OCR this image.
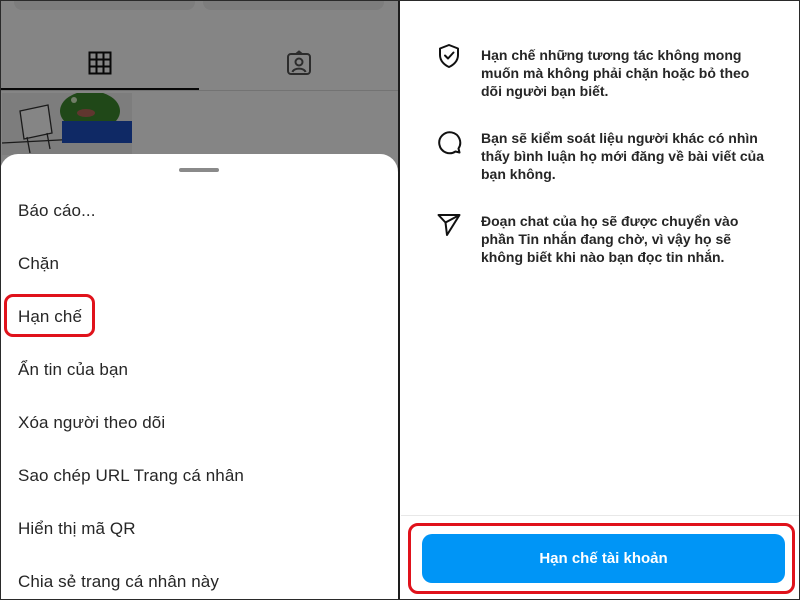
Báo cáo...
Chặn
Hạn chế
Ẩn tin của bạn
Xóa người theo dõi
Sao chép URL Trang cá nhân
Hiển thị mã QR
Chia sẻ trang cá nhân này
Hạn chế những tương tác không mong muốn mà không phải chặn hoặc bỏ theo dõi người bạn biết.
Bạn sẽ kiểm soát liệu người khác có nhìn thấy bình luận họ mới đăng về bài viết của bạn không.
Đoạn chat của họ sẽ được chuyển vào phần Tin nhắn đang chờ, vì vậy họ sẽ không biết khi nào bạn đọc tin nhắn.
Hạn chế tài khoản
